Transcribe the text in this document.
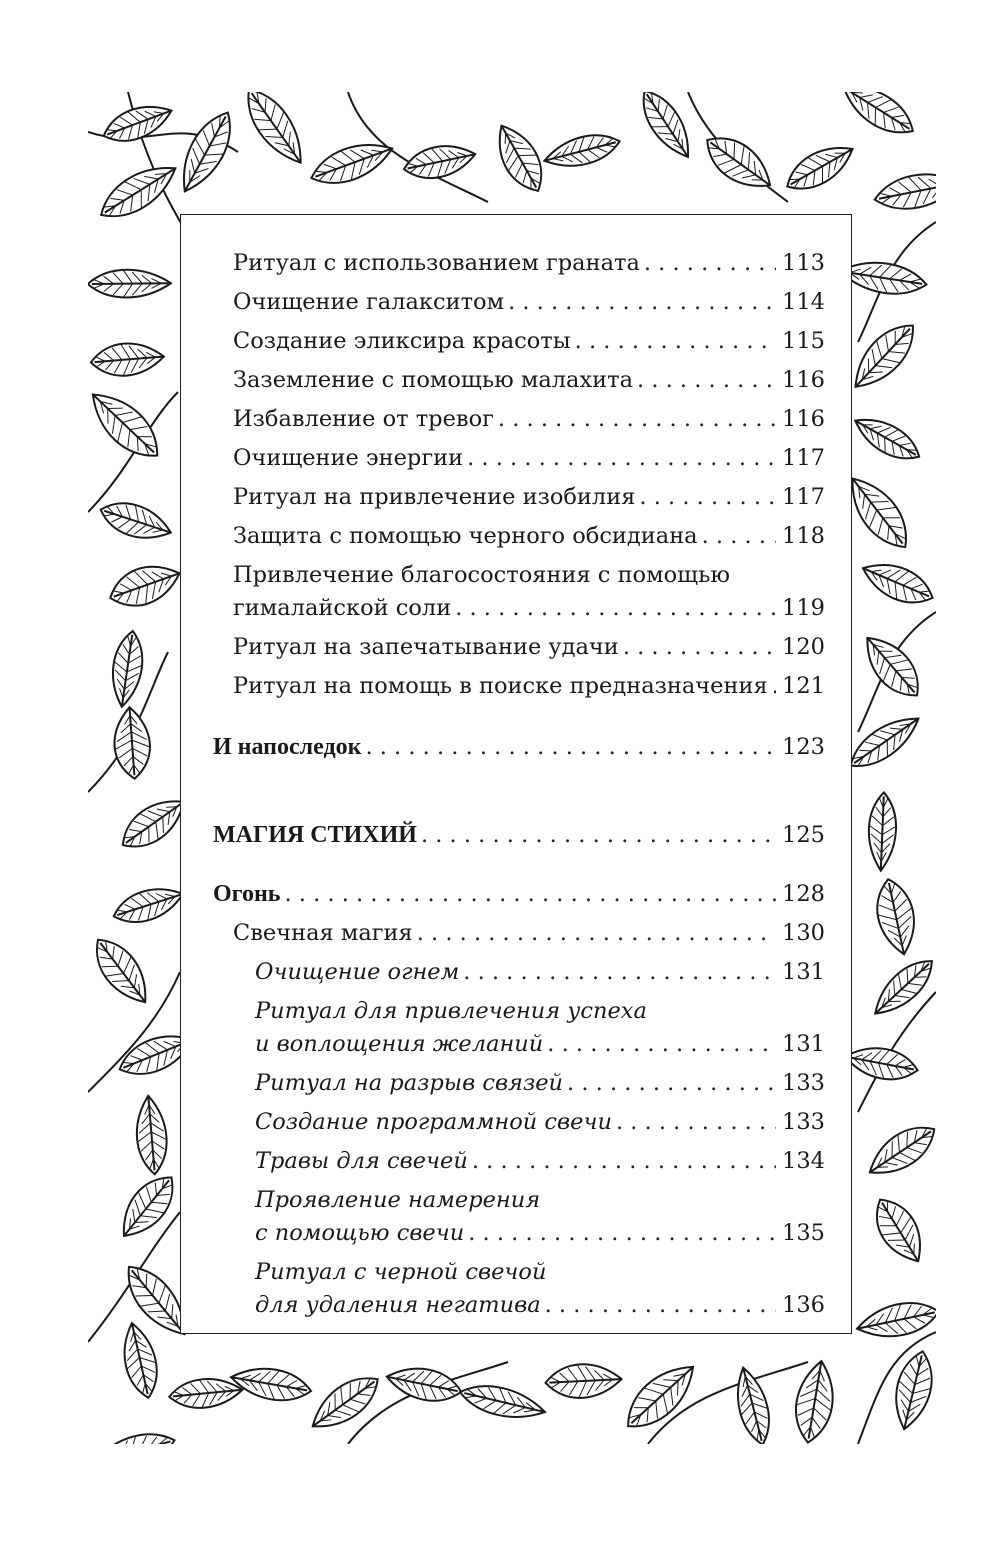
Ритуал с использованием граната . . .	113
Очищение галакситом . . .	114
Создание эликсира красоты . . .	115
Заземление с помощью малахита . . .	116
Избавление от тревог . . .	116
Очищение энергии . . .	117
Ритуал на привлечение изобилия . . .	117
Защита с помощью черного обсидиана . . .	118
Привлечение благосостояния с помощью
гималайской соли . . .	119
Ритуал на запечатывание удачи . . .	120
Ритуал на помощь в поиске предназначения . . . 121
И напоследок . . .	123
МАГИЯ СТИХИЙ . . .	125
Огонь . . .	128
Свечная магия . . .	130
Очищение огнем . . .	131
Ритуал для привлечения успеха
и воплощения желаний . . .	131
Ритуал на разрыв связей . . .	133
Создание программной свечи . . .	133
Травы для свечей . . .	134
Проявление намерения
с помощью свечи . . .	135
Ритуал с черной свечой
для удаления негатива . . .	136
